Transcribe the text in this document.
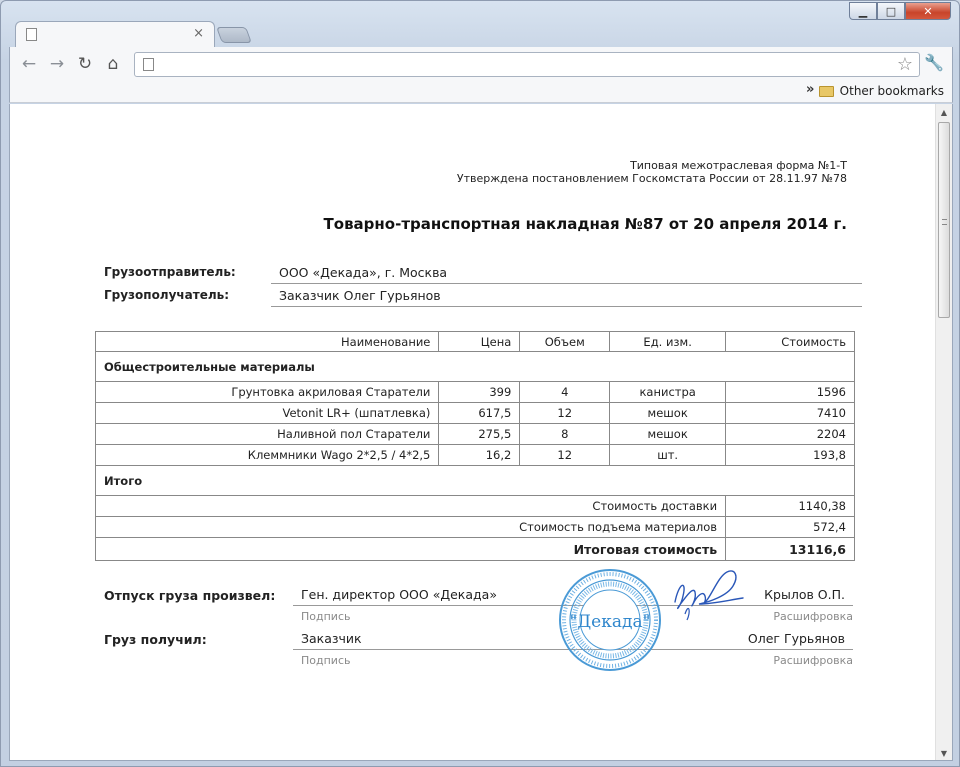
▁ □ ✕
×
← → ↻ ⌂	☆ 🔧
» Other bookmarks
Типовая межотраслевая форма №1-Т
Утверждена постановлением Госкомстата России от 28.11.97 №78
Товарно-транспортная накладная №87 от 20 апреля 2014 г.
Грузоотправитель:	ООО «Декада», г. Москва
Грузополучатель:	Заказчик Олег Гурьянов
Наименование	Цена	Объем	Ед. изм.	Стоимость
Общестроительные материалы				
Грунтовка акриловая Старатели	399	4	канистра	1596
Vetonit LR+ (шпатлевка)	617,5	12	мешок	7410
Наливной пол Старатели	275,5	8	мешок	2204
Клеммники Wago 2*2,5 / 4*2,5	16,2	12	шт.	193,8
Итого				
Стоимость доставки				1140,38
Стоимость подъема материалов				572,4
Итоговая стоимость				13116,6
Отпуск груза произвел: Ген. директор ООО «Декада»	Крылов О.П.
Подпись	Расшифровка
Груз получил:	Заказчик	Олег Гурьянов
Подпись	Расшифровка
"Декада"
▲
▼
